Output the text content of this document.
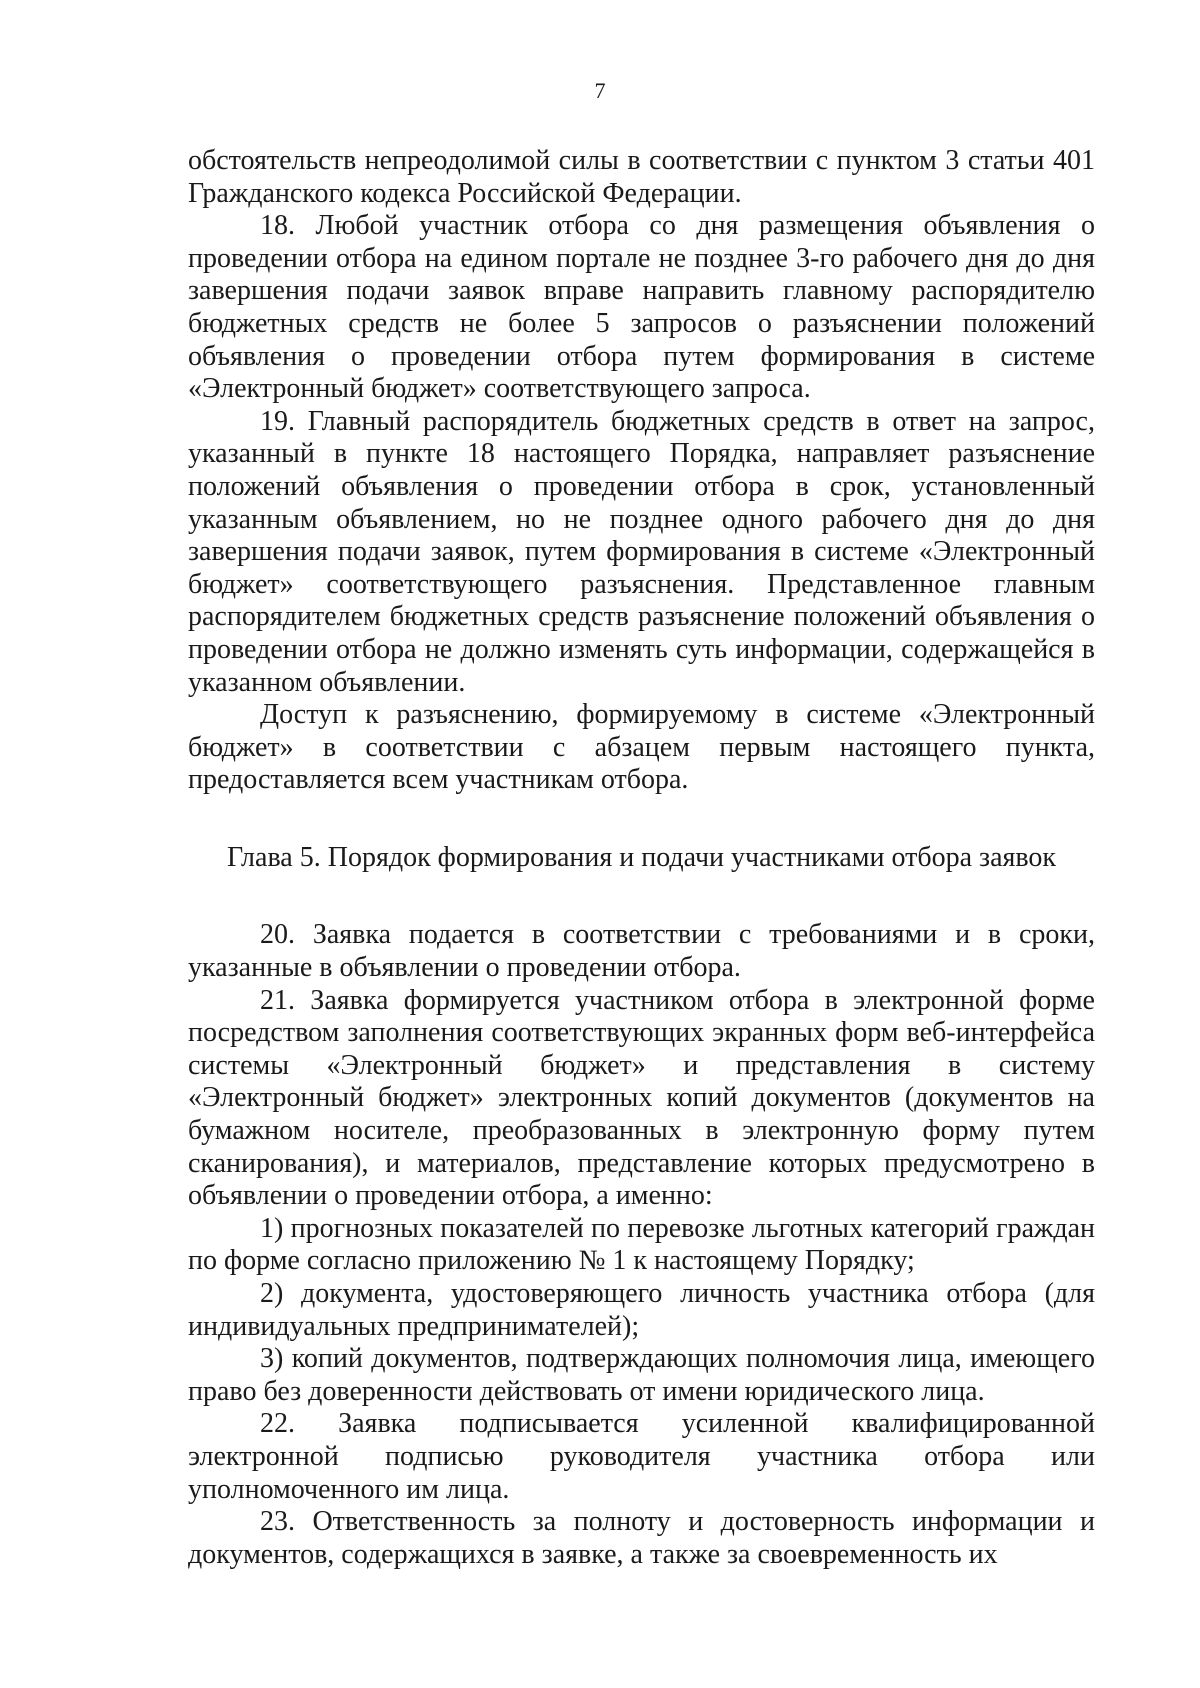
7

обстоятельств непреодолимой силы в соответствии с пунктом 3 статьи 401 Гражданского кодекса Российской Федерации.

18. Любой участник отбора со дня размещения объявления о проведении отбора на едином портале не позднее 3-го рабочего дня до дня завершения подачи заявок вправе направить главному распорядителю бюджетных средств не более 5 запросов о разъяснении положений объявления о проведении отбора путем формирования в системе «Электронный бюджет» соответствующего запроса.

19. Главный распорядитель бюджетных средств в ответ на запрос, указанный в пункте 18 настоящего Порядка, направляет разъяснение положений объявления о проведении отбора в срок, установленный указанным объявлением, но не позднее одного рабочего дня до дня завершения подачи заявок, путем формирования в системе «Электронный бюджет» соответствующего разъяснения. Представленное главным распорядителем бюджетных средств разъяснение положений объявления о проведении отбора не должно изменять суть информации, содержащейся в указанном объявлении.

Доступ к разъяснению, формируемому в системе «Электронный бюджет» в соответствии с абзацем первым настоящего пункта, предоставляется всем участникам отбора.

Глава 5. Порядок формирования и подачи участниками отбора заявок

20. Заявка подается в соответствии с требованиями и в сроки, указанные в объявлении о проведении отбора.

21. Заявка формируется участником отбора в электронной форме посредством заполнения соответствующих экранных форм веб-интерфейса системы «Электронный бюджет» и представления в систему «Электронный бюджет» электронных копий документов (документов на бумажном носителе, преобразованных в электронную форму путем сканирования), и материалов, представление которых предусмотрено в объявлении о проведении отбора, а именно:

1) прогнозных показателей по перевозке льготных категорий граждан по форме согласно приложению № 1 к настоящему Порядку;

2) документа, удостоверяющего личность участника отбора (для индивидуальных предпринимателей);

3) копий документов, подтверждающих полномочия лица, имеющего право без доверенности действовать от имени юридического лица.

22. Заявка подписывается усиленной квалифицированной электронной подписью руководителя участника отбора или уполномоченного им лица.

23. Ответственность за полноту и достоверность информации и документов, содержащихся в заявке, а также за своевременность их
